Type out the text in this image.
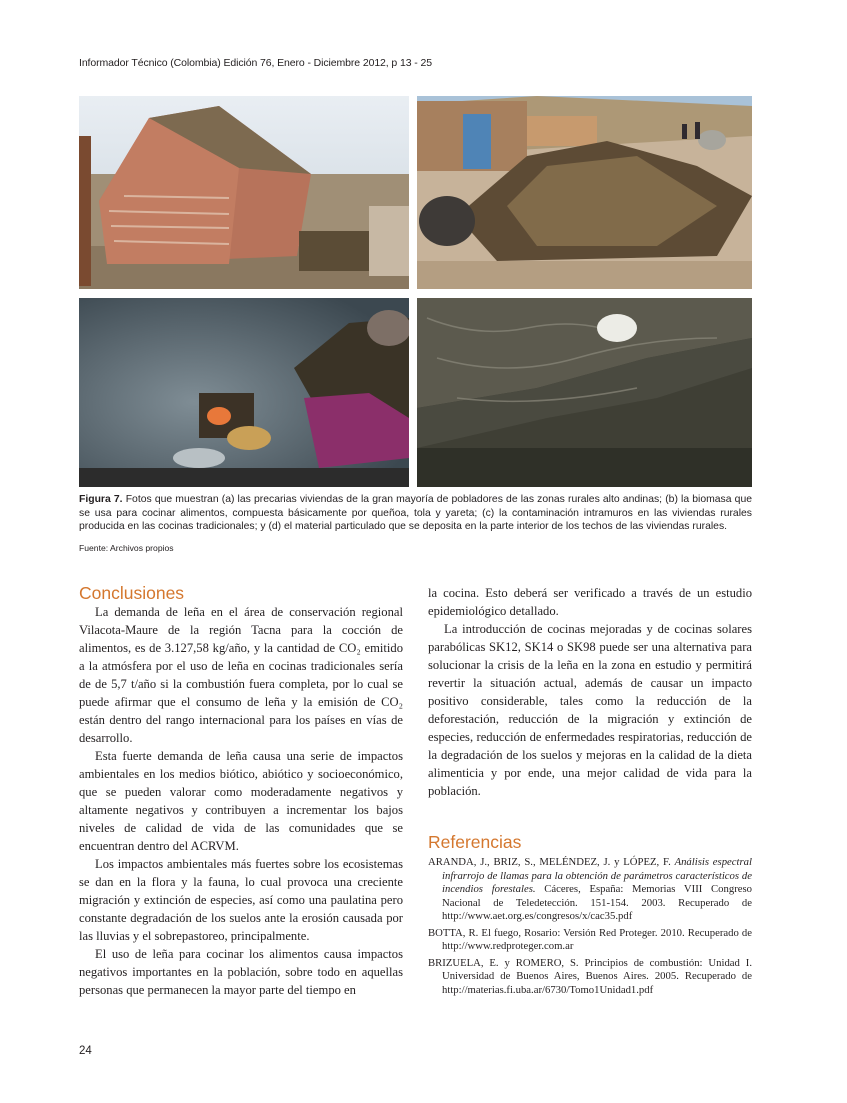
Informador Técnico (Colombia) Edición 76, Enero - Diciembre 2012, p 13 - 25
Figura 7. Fotos que muestran (a) las precarias viviendas de la gran mayoría de pobladores de las zonas rurales alto andinas; (b) la biomasa que se usa para cocinar alimentos, compuesta básicamente por queñoa, tola y yareta; (c) la contaminación intramuros en las viviendas rurales producida en las cocinas tradicionales; y (d) el material particulado que se deposita en la parte interior de los techos de las viviendas rurales.
Fuente: Archivos propios
Conclusiones

La demanda de leña en el área de conservación regional Vilacota-Maure de la región Tacna para la cocción de alimentos, es de 3.127,58 kg/año, y la cantidad de CO₂ emitido a la atmósfera por el uso de leña en cocinas tradicionales sería de de 5,7 t/año si la combustión fuera completa, por lo cual se puede afirmar que el consumo de leña y la emisión de CO₂ están dentro del rango internacional para los países en vías de desarrollo.

Esta fuerte demanda de leña causa una serie de impactos ambientales en los medios biótico, abiótico y socioeconómico, que se pueden valorar como moderadamente negativos y altamente negativos y contribuyen a incrementar los bajos niveles de calidad de vida de las comunidades que se encuentran dentro del ACRVM.

Los impactos ambientales más fuertes sobre los ecosistemas se dan en la flora y la fauna, lo cual provoca una creciente migración y extinción de especies, así como una paulatina pero constante degradación de los suelos ante la erosión causada por las lluvias y el sobrepastoreo, principalmente.

El uso de leña para cocinar los alimentos causa impactos negativos importantes en la población, sobre todo en aquellas personas que permanecen la mayor parte del tiempo en

la cocina. Esto deberá ser verificado a través de un estudio epidemiológico detallado.

La introducción de cocinas mejoradas y de cocinas solares parabólicas SK12, SK14 o SK98 puede ser una alternativa para solucionar la crisis de la leña en la zona en estudio y permitirá revertir la situación actual, además de causar un impacto positivo considerable, tales como la reducción de la deforestación, reducción de la migración y extinción de especies, reducción de enfermedades respiratorias, reducción de la degradación de los suelos y mejoras en la calidad de la dieta alimenticia y por ende, una mejor calidad de vida para la población.

Referencias

ARANDA, J., BRIZ, S., MELÉNDEZ, J. y LÓPEZ, F. Análisis espectral infrarrojo de llamas para la obtención de parámetros característicos de incendios forestales. Cáceres, España: Memorias VIII Congreso Nacional de Teledetección. 151-154. 2003. Recuperado de http://www.aet.org.es/congresos/x/cac35.pdf

BOTTA, R. El fuego, Rosario: Versión Red Proteger. 2010. Recuperado de http://www.redproteger.com.ar

BRIZUELA, E. y ROMERO, S. Principios de combustión: Unidad I. Universidad de Buenos Aires, Buenos Aires. 2005. Recuperado de http://materias.fi.uba.ar/6730/Tomo1Unidad1.pdf

24
